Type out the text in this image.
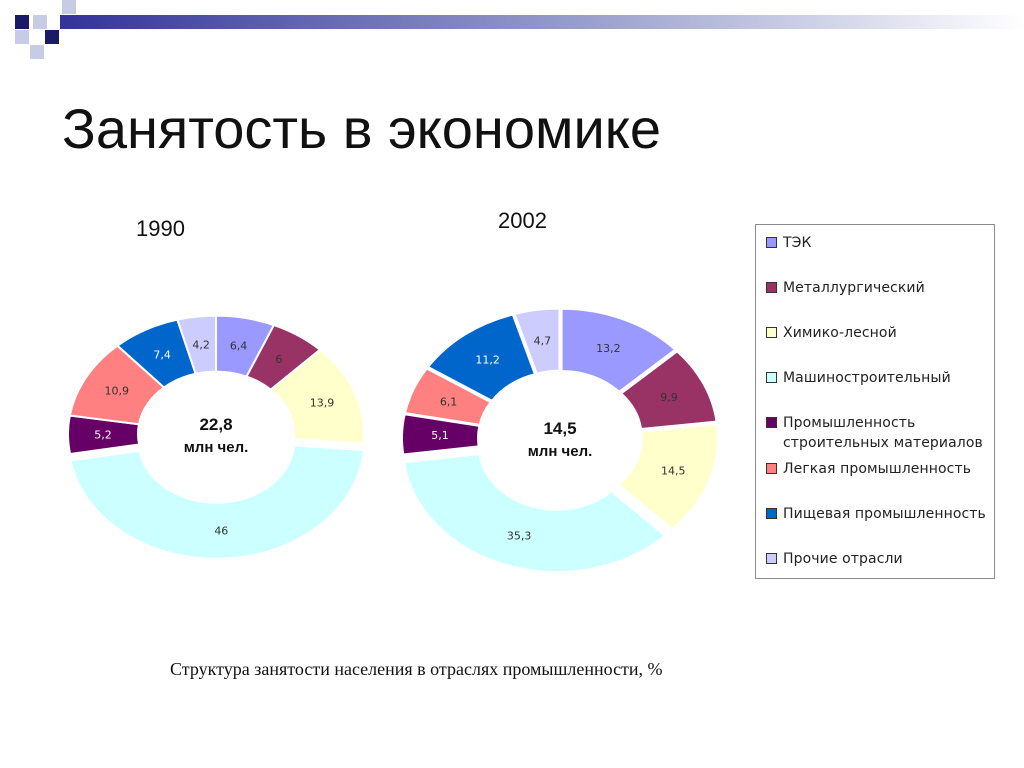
Занятость в экономике
1990	2002
6,4
6
13,9
46
5,2
10,9
7,4
4,2
22,8
млн чел.
13,2
9,9
14,5
35,3
5,1
6,1
11,2
4,7
14,5
млн чел.
ТЭК
Металлургический
Химико-лесной
Машиностроительный
Промышленность
строительных материалов
Легкая промышленность
Пищевая промышленность
Прочие отрасли
Структура занятости населения в отраслях промышленности, %
